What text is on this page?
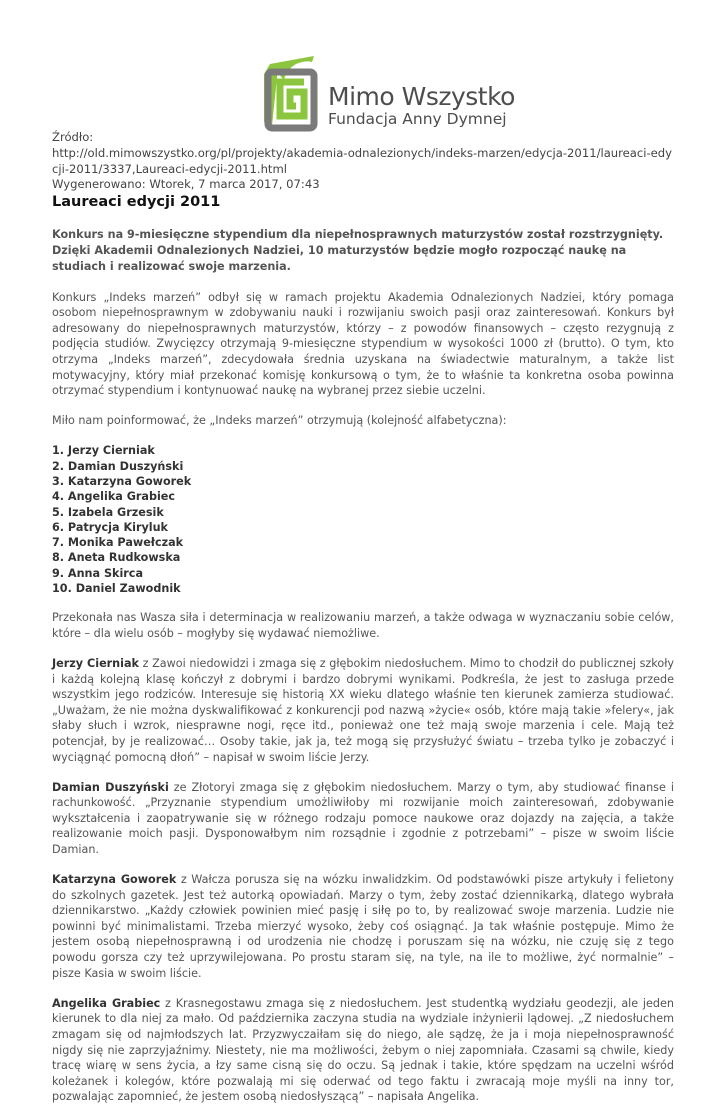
Mimo Wszystko
Fundacja Anny Dymnej
Źródło:
http://old.mimowszystko.org/pl/projekty/akademia-odnalezionych/indeks-marzen/edycja-2011/laureaci-edycji-2011/3337,Laureaci-edycji-2011.html
Wygenerowano: Wtorek, 7 marca 2017, 07:43
Laureaci edycji 2011

Konkurs na 9-miesięczne stypendium dla niepełnosprawnych maturzystów został rozstrzygnięty. Dzięki Akademii Odnalezionych Nadziei, 10 maturzystów będzie mogło rozpocząć naukę na studiach i realizować swoje marzenia.

Konkurs „Indeks marzeń” odbył się w ramach projektu Akademia Odnalezionych Nadziei, który pomaga osobom niepełnosprawnym w zdobywaniu nauki i rozwijaniu swoich pasji oraz zainteresowań. Konkurs był adresowany do niepełnosprawnych maturzystów, którzy – z powodów finansowych – często rezygnują z podjęcia studiów. Zwycięzcy otrzymają 9-miesięczne stypendium w wysokości 1000 zł (brutto). O tym, kto otrzyma „Indeks marzeń”, zdecydowała średnia uzyskana na świadectwie maturalnym, a także list motywacyjny, który miał przekonać komisję konkursową o tym, że to właśnie ta konkretna osoba powinna otrzymać stypendium i kontynuować naukę na wybranej przez siebie uczelni.

Miło nam poinformować, że „Indeks marzeń” otrzymują (kolejność alfabetyczna):

1. Jerzy Cierniak
2. Damian Duszyński
3. Katarzyna Goworek
4. Angelika Grabiec
5. Izabela Grzesik
6. Patrycja Kiryluk
7. Monika Pawełczak
8. Aneta Rudkowska
9. Anna Skirca
10. Daniel Zawodnik

Przekonała nas Wasza siła i determinacja w realizowaniu marzeń, a także odwaga w wyznaczaniu sobie celów, które – dla wielu osób – mogłyby się wydawać niemożliwe.

Jerzy Cierniak z Zawoi niedowidzi i zmaga się z głębokim niedosłuchem. Mimo to chodził do publicznej szkoły i każdą kolejną klasę kończył z dobrymi i bardzo dobrymi wynikami. Podkreśla, że jest to zasługa przede wszystkim jego rodziców. Interesuje się historią XX wieku dlatego właśnie ten kierunek zamierza studiować. „Uważam, że nie można dyskwalifikować z konkurencji pod nazwą »życie« osób, które mają takie »felery«, jak słaby słuch i wzrok, niesprawne nogi, ręce itd., ponieważ one też mają swoje marzenia i cele. Mają też potencjał, by je realizować… Osoby takie, jak ja, też mogą się przysłużyć światu – trzeba tylko je zobaczyć i wyciągnąć pomocną dłoń” – napisał w swoim liście Jerzy.

Damian Duszyński ze Złotoryi zmaga się z głębokim niedosłuchem. Marzy o tym, aby studiować finanse i rachunkowość. „Przyznanie stypendium umożliwiłoby mi rozwijanie moich zainteresowań, zdobywanie wykształcenia i zaopatrywanie się w różnego rodzaju pomoce naukowe oraz dojazdy na zajęcia, a także realizowanie moich pasji. Dysponowałbym nim rozsądnie i zgodnie z potrzebami” – pisze w swoim liście Damian.

Katarzyna Goworek z Wałcza porusza się na wózku inwalidzkim. Od podstawówki pisze artykuły i felietony do szkolnych gazetek. Jest też autorką opowiadań. Marzy o tym, żeby zostać dziennikarką, dlatego wybrała dziennikarstwo. „Każdy człowiek powinien mieć pasję i siłę po to, by realizować swoje marzenia. Ludzie nie powinni być minimalistami. Trzeba mierzyć wysoko, żeby coś osiągnąć. Ja tak właśnie postępuje. Mimo że jestem osobą niepełnosprawną i od urodzenia nie chodzę i poruszam się na wózku, nie czuję się z tego powodu gorsza czy też uprzywilejowana. Po prostu staram się, na tyle, na ile to możliwe, żyć normalnie” – pisze Kasia w swoim liście.

Angelika Grabiec z Krasnegostawu zmaga się z niedosłuchem. Jest studentką wydziału geodezji, ale jeden kierunek to dla niej za mało. Od października zaczyna studia na wydziale inżynierii lądowej. „Z niedosłuchem zmagam się od najmłodszych lat. Przyzwyczaiłam się do niego, ale sądzę, że ja i moja niepełnosprawność nigdy się nie zaprzyjaźnimy. Niestety, nie ma możliwości, żebym o niej zapomniała. Czasami są chwile, kiedy tracę wiarę w sens życia, a łzy same cisną się do oczu. Są jednak i takie, które spędzam na uczelni wśród koleżanek i kolegów, które pozwalają mi się oderwać od tego faktu i zwracają moje myśli na inny tor, pozwalając zapomnieć, że jestem osobą niedosłyszącą” – napisała Angelika.
